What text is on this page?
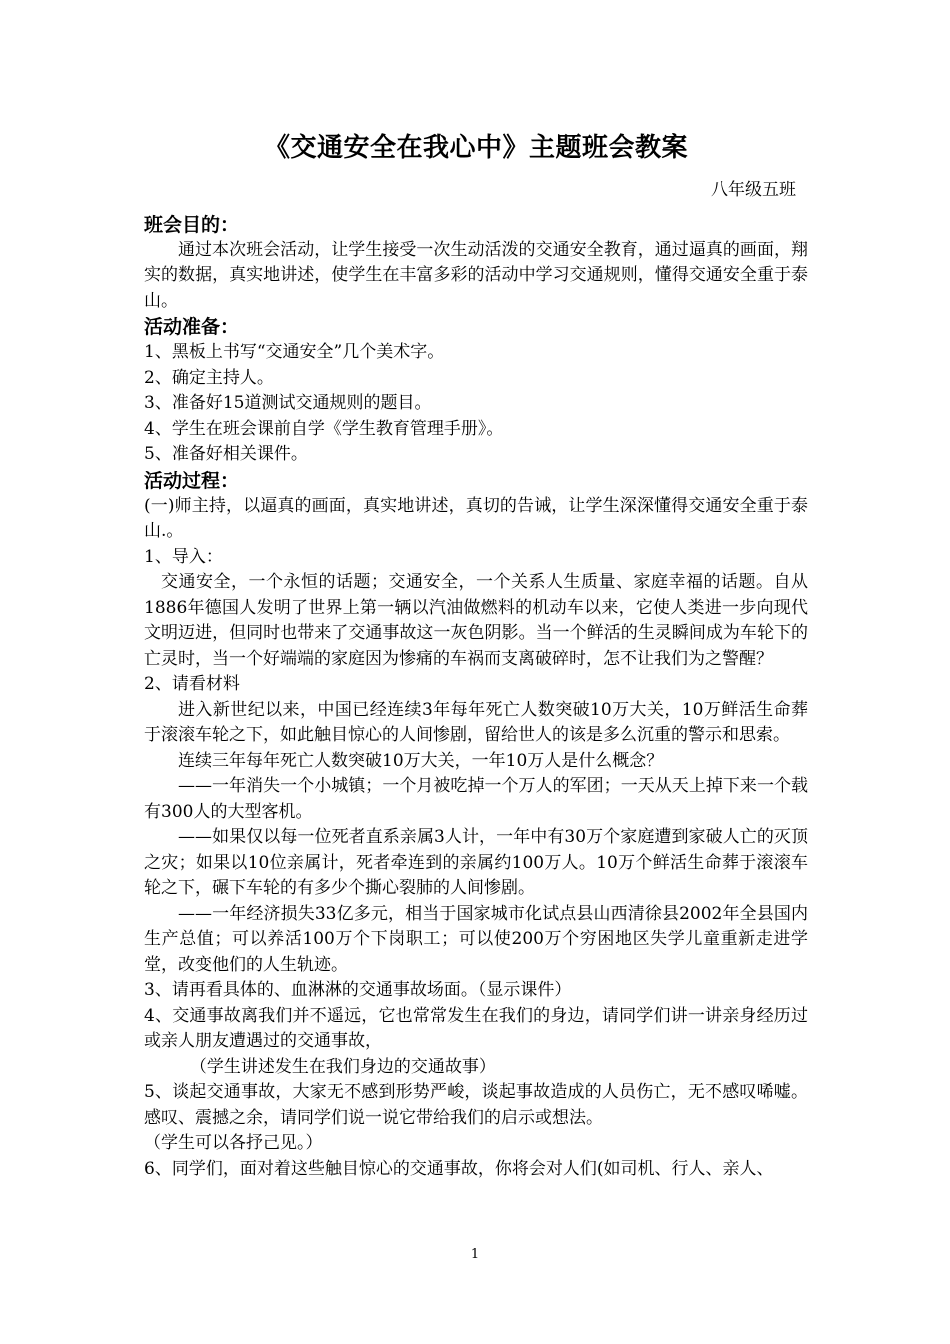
《交通安全在我心中》主题班会教案
八年级五班
班会目的：

通过本次班会活动，让学生接受一次生动活泼的交通安全教育，通过逼真的画面，翔实的数据，真实地讲述，使学生在丰富多彩的活动中学习交通规则，懂得交通安全重于泰山。

活动准备：

1、黑板上书写“交通安全”几个美术字。

2、确定主持人。

3、准备好15道测试交通规则的题目。

4、学生在班会课前自学《学生教育管理手册》。

5、准备好相关课件。

活动过程：

(一)师主持，以逼真的画面，真实地讲述，真切的告诫，让学生深深懂得交通安全重于泰山.。

1、导入：

交通安全，一个永恒的话题；交通安全，一个关系人生质量、家庭幸福的话题。自从1886年德国人发明了世界上第一辆以汽油做燃料的机动车以来，它使人类进一步向现代文明迈进，但同时也带来了交通事故这一灰色阴影。当一个鲜活的生灵瞬间成为车轮下的亡灵时，当一个好端端的家庭因为惨痛的车祸而支离破碎时，怎不让我们为之警醒？

2、请看材料

进入新世纪以来，中国已经连续3年每年死亡人数突破10万大关，10万鲜活生命葬于滚滚车轮之下，如此触目惊心的人间惨剧，留给世人的该是多么沉重的警示和思索。

连续三年每年死亡人数突破10万大关，一年10万人是什么概念？

——一年消失一个小城镇；一个月被吃掉一个万人的军团；一天从天上掉下来一个载有300人的大型客机。

——如果仅以每一位死者直系亲属3人计，一年中有30万个家庭遭到家破人亡的灭顶之灾；如果以10位亲属计，死者牵连到的亲属约100万人。10万个鲜活生命葬于滚滚车轮之下，碾下车轮的有多少个撕心裂肺的人间惨剧。

——一年经济损失33亿多元，相当于国家城市化试点县山西清徐县2002年全县国内生产总值；可以养活100万个下岗职工；可以使200万个穷困地区失学儿童重新走进学堂，改变他们的人生轨迹。

3、请再看具体的、血淋淋的交通事故场面。（显示课件）

4、交通事故离我们并不遥远，它也常常发生在我们的身边，请同学们讲一讲亲身经历过或亲人朋友遭遇过的交通事故，

（学生讲述发生在我们身边的交通故事）

5、谈起交通事故，大家无不感到形势严峻，谈起事故造成的人员伤亡，无不感叹唏嘘。感叹、震撼之余，请同学们说一说它带给我们的启示或想法。

（学生可以各抒己见。）

6、同学们，面对着这些触目惊心的交通事故，你将会对人们(如司机、行人、亲人、

1
